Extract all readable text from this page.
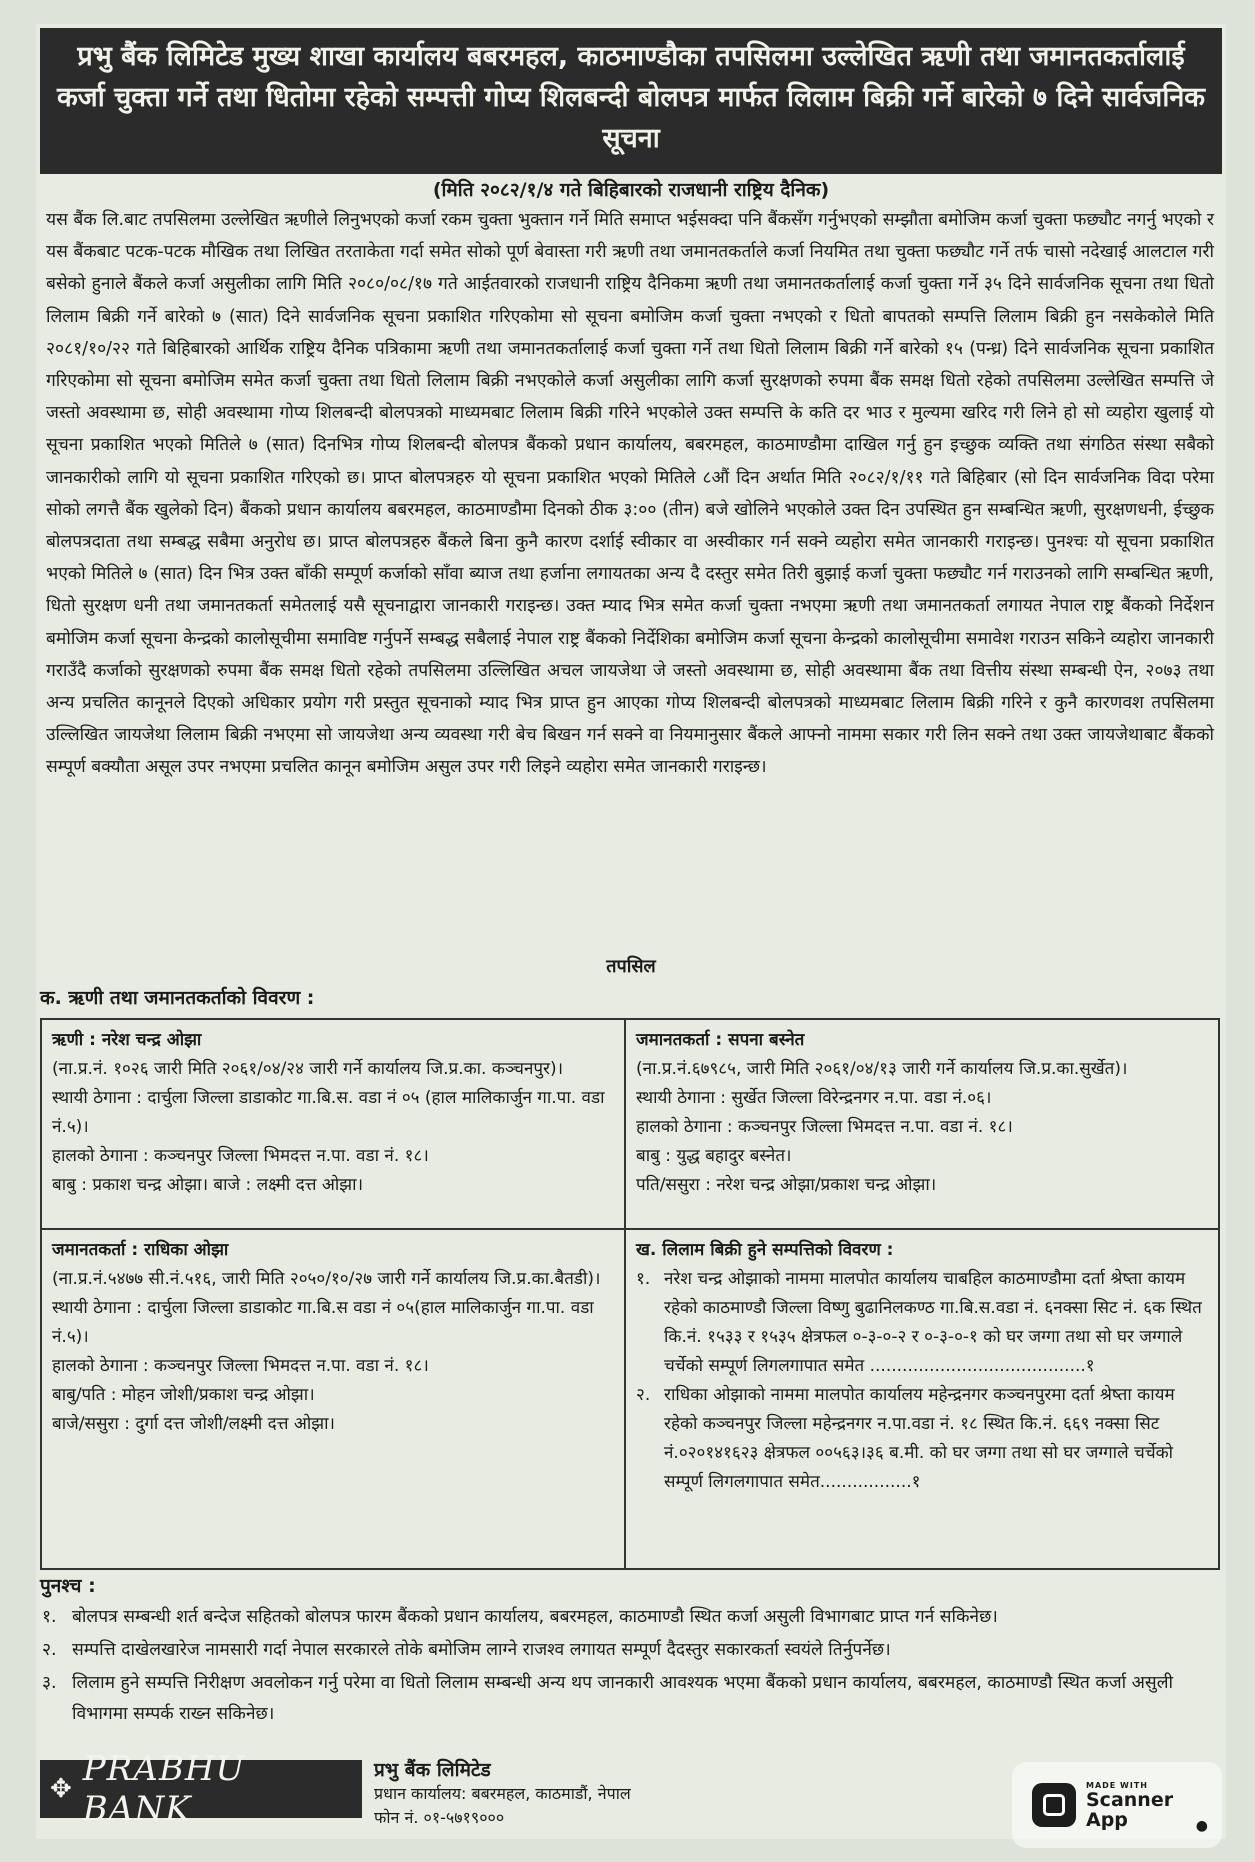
प्रभु बैंक लिमिटेड मुख्य शाखा कार्यालय बबरमहल, काठमाण्डौका तपसिलमा उल्लेखित ऋणी तथा जमानतकर्तालाई कर्जा चुक्ता गर्ने तथा धितोमा रहेको सम्पत्ती गोप्य शिलबन्दी बोलपत्र मार्फत लिलाम बिक्री गर्ने बारेको ७ दिने सार्वजनिक सूचना
(मिति २०८२/१/४ गते बिहिबारको राजधानी राष्ट्रिय दैनिक)
यस बैंक लि.बाट तपसिलमा उल्लेखित ऋणीले लिनुभएको कर्जा रकम चुक्ता भुक्तान गर्ने मिति समाप्त भईसक्दा पनि बैंकसँग गर्नुभएको सम्झौता बमोजिम कर्जा चुक्ता फछ्यौट नगर्नु भएको र यस बैंकबाट पटक-पटक मौखिक तथा लिखित तरताकेता गर्दा समेत सोको पूर्ण बेवास्ता गरी ऋणी तथा जमानतकर्ताले कर्जा नियमित तथा चुक्ता फछ्यौट गर्ने तर्फ चासो नदेखाई आलटाल गरी बसेको हुनाले बैंकले कर्जा असुलीका लागि मिति २०८०/०८/१७ गते आईतवारको राजधानी राष्ट्रिय दैनिकमा ऋणी तथा जमानतकर्तालाई कर्जा चुक्ता गर्ने ३५ दिने सार्वजनिक सूचना तथा धितो लिलाम बिक्री गर्ने बारेको ७ (सात) दिने सार्वजनिक सूचना प्रकाशित गरिएकोमा सो सूचना बमोजिम कर्जा चुक्ता नभएको र धितो बापतको सम्पत्ति लिलाम बिक्री हुन नसकेकोले मिति २०८१/१०/२२ गते बिहिबारको आर्थिक राष्ट्रिय दैनिक पत्रिकामा ऋणी तथा जमानतकर्तालाई कर्जा चुक्ता गर्ने तथा धितो लिलाम बिक्री गर्ने बारेको १५ (पन्ध्र) दिने सार्वजनिक सूचना प्रकाशित गरिएकोमा सो सूचना बमोजिम समेत कर्जा चुक्ता तथा धितो लिलाम बिक्री नभएकोले कर्जा असुलीका लागि कर्जा सुरक्षणको रुपमा बैंक समक्ष धितो रहेको तपसिलमा उल्लेखित सम्पत्ति जे जस्तो अवस्थामा छ, सोही अवस्थामा गोप्य शिलबन्दी बोलपत्रको माध्यमबाट लिलाम बिक्री गरिने भएकोले उक्त सम्पत्ति के कति दर भाउ र मुल्यमा खरिद गरी लिने हो सो व्यहोरा खुलाई यो सूचना प्रकाशित भएको मितिले ७ (सात) दिनभित्र गोप्य शिलबन्दी बोलपत्र बैंकको प्रधान कार्यालय, बबरमहल, काठमाण्डौमा दाखिल गर्नु हुन इच्छुक व्यक्ति तथा संगठित संस्था सबैको जानकारीको लागि यो सूचना प्रकाशित गरिएको छ। प्राप्त बोलपत्रहरु यो सूचना प्रकाशित भएको मितिले ८औं दिन अर्थात मिति २०८२/१/११ गते बिहिबार (सो दिन सार्वजनिक विदा परेमा सोको लगत्तै बैंक खुलेको दिन) बैंकको प्रधान कार्यालय बबरमहल, काठमाण्डौमा दिनको ठीक ३:०० (तीन) बजे खोलिने भएकोले उक्त दिन उपस्थित हुन सम्बन्धित ऋणी, सुरक्षणधनी, ईच्छुक बोलपत्रदाता तथा सम्बद्ध सबैमा अनुरोध छ। प्राप्त बोलपत्रहरु बैंकले बिना कुनै कारण दर्शाई स्वीकार वा अस्वीकार गर्न सक्ने व्यहोरा समेत जानकारी गराइन्छ। पुनश्चः यो सूचना प्रकाशित भएको मितिले ७ (सात) दिन भित्र उक्त बाँकी सम्पूर्ण कर्जाको साँवा ब्याज तथा हर्जाना लगायतका अन्य दै दस्तुर समेत तिरी बुझाई कर्जा चुक्ता फछ्यौट गर्न गराउनको लागि सम्बन्धित ऋणी, धितो सुरक्षण धनी तथा जमानतकर्ता समेतलाई यसै सूचनाद्वारा जानकारी गराइन्छ। उक्त म्याद भित्र समेत कर्जा चुक्ता नभएमा ऋणी तथा जमानतकर्ता लगायत नेपाल राष्ट्र बैंकको निर्देशन बमोजिम कर्जा सूचना केन्द्रको कालोसूचीमा समाविष्ट गर्नुपर्ने सम्बद्ध सबैलाई नेपाल राष्ट्र बैंकको निर्देशिका बमोजिम कर्जा सूचना केन्द्रको कालोसूचीमा समावेश गराउन सकिने व्यहोरा जानकारी गराउँदै कर्जाको सुरक्षणको रुपमा बैंक समक्ष धितो रहेको तपसिलमा उल्लिखित अचल जायजेथा जे जस्तो अवस्थामा छ, सोही अवस्थामा बैंक तथा वित्तीय संस्था सम्बन्धी ऐन, २०७३ तथा अन्य प्रचलित कानूनले दिएको अधिकार प्रयोग गरी प्रस्तुत सूचनाको म्याद भित्र प्राप्त हुन आएका गोप्य शिलबन्दी बोलपत्रको माध्यमबाट लिलाम बिक्री गरिने र कुनै कारणवश तपसिलमा उल्लिखित जायजेथा लिलाम बिक्री नभएमा सो जायजेथा अन्य व्यवस्था गरी बेच बिखन गर्न सक्ने वा नियमानुसार बैंकले आफ्नो नाममा सकार गरी लिन सक्ने तथा उक्त जायजेथाबाट बैंकको सम्पूर्ण बक्यौता असूल उपर नभएमा प्रचलित कानून बमोजिम असुल उपर गरी लिइने व्यहोरा समेत जानकारी गराइन्छ।
तपसिल
क. ऋणी तथा जमानतकर्ताको विवरण :
ऋणी : नरेश चन्द्र ओझा
(ना.प्र.नं. १०२६ जारी मिति २०६१/०४/२४ जारी गर्ने कार्यालय जि.प्र.का. कञ्चनपुर)।
स्थायी ठेगाना : दार्चुला जिल्ला डाडाकोट गा.बि.स. वडा नं ०५ (हाल मालिकार्जुन गा.पा. वडा नं.५)।
हालको ठेगाना : कञ्चनपुर जिल्ला भिमदत्त न.पा. वडा नं. १८।
बाबु : प्रकाश चन्द्र ओझा। बाजे : लक्ष्मी दत्त ओझा।
जमानतकर्ता : सपना बस्नेत
(ना.प्र.नं.६७९८५, जारी मिति २०६१/०४/१३ जारी गर्ने कार्यालय जि.प्र.का.सुर्खेत)।
स्थायी ठेगाना : सुर्खेत जिल्ला विरेन्द्रनगर न.पा. वडा नं.०६।
हालको ठेगाना : कञ्चनपुर जिल्ला भिमदत्त न.पा. वडा नं. १८।
बाबु : युद्ध बहादुर बस्नेत।
पति/ससुरा : नरेश चन्द्र ओझा/प्रकाश चन्द्र ओझा।
जमानतकर्ता : राधिका ओझा
(ना.प्र.नं.५४७७ सी.नं.५१६, जारी मिति २०५०/१०/२७ जारी गर्ने कार्यालय जि.प्र.का.बैतडी)।
स्थायी ठेगाना : दार्चुला जिल्ला डाडाकोट गा.बि.स वडा नं ०५(हाल मालिकार्जुन गा.पा. वडा नं.५)।
हालको ठेगाना : कञ्चनपुर जिल्ला भिमदत्त न.पा. वडा नं. १८।
बाबु/पति : मोहन जोशी/प्रकाश चन्द्र ओझा।
बाजे/ससुरा : दुर्गा दत्त जोशी/लक्ष्मी दत्त ओझा।
ख. लिलाम बिक्री हुने सम्पत्तिको विवरण :
१. नरेश चन्द्र ओझाको नाममा मालपोत कार्यालय चाबहिल काठमाण्डौमा दर्ता श्रेष्ता कायम रहेको काठमाण्डौ जिल्ला विष्णु बुढानिलकण्ठ गा.बि.स.वडा नं. ६नक्सा सिट नं. ६क स्थित कि.नं. १५३३ र १५३५ क्षेत्रफल ०-३-०-२ र ०-३-०-१ को घर जग्गा तथा सो घर जग्गाले चर्चेको सम्पूर्ण लिगलगापात समेत ........................................१
२. राधिका ओझाको नाममा मालपोत कार्यालय महेन्द्रनगर कञ्चनपुरमा दर्ता श्रेष्ता कायम रहेको कञ्चनपुर जिल्ला महेन्द्रनगर न.पा.वडा नं. १८ स्थित कि.नं. ६६९ नक्सा सिट नं.०२०१४१६२३ क्षेत्रफल ००५६३।३६ ब.मी. को घर जग्गा तथा सो घर जग्गाले चर्चेको सम्पूर्ण लिगलगापात समेत.................१
पुनश्च :
१. बोलपत्र सम्बन्धी शर्त बन्देज सहितको बोलपत्र फारम बैंकको प्रधान कार्यालय, बबरमहल, काठमाण्डौ स्थित कर्जा असुली विभागबाट प्राप्त गर्न सकिनेछ।
२. सम्पत्ति दाखेलखारेज नामसारी गर्दा नेपाल सरकारले तोके बमोजिम लाग्ने राजश्व लगायत सम्पूर्ण दैदस्तुर सकारकर्ता स्वयंले तिर्नुपर्नेछ।
३. लिलाम हुने सम्पत्ति निरीक्षण अवलोकन गर्नु परेमा वा धितो लिलाम सम्बन्धी अन्य थप जानकारी आवश्यक भएमा बैंकको प्रधान कार्यालय, बबरमहल, काठमाण्डौ स्थित कर्जा असुली विभागमा सम्पर्क राख्न सकिनेछ।
✥ PRABHU BANK
प्रभु बैंक लिमिटेड
प्रधान कार्यालय: बबरमहल, काठमाडौं, नेपाल
फोन नं. ०१-५७१९०००
MADE WITH
Scanner
App	●
